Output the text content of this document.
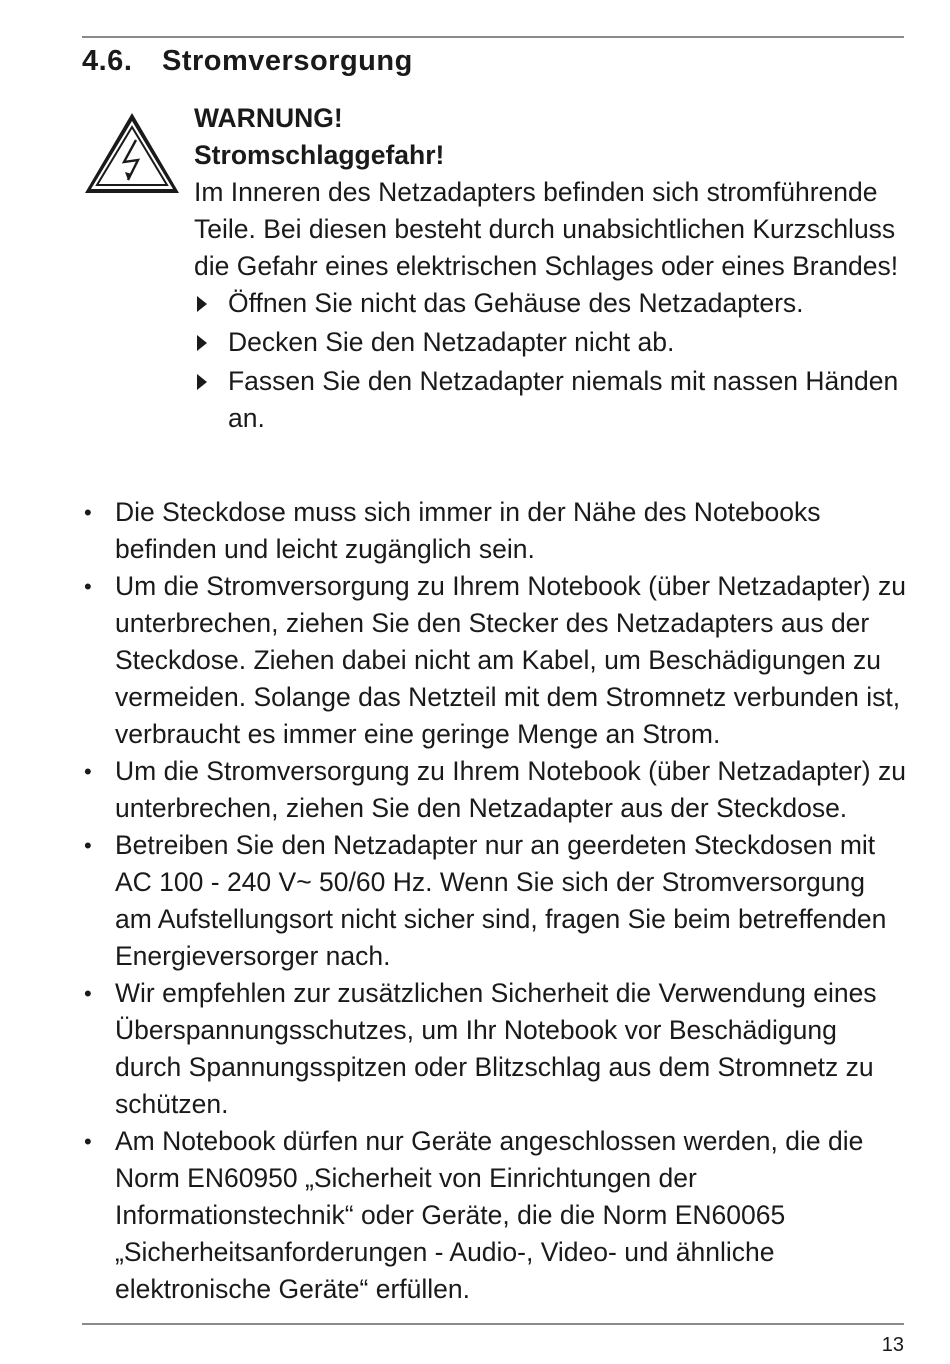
4.6. Stromversorgung

WARNUNG!

Stromschlaggefahr!

Im Inneren des Netzadapters befinden sich stromführende Teile. Bei diesen besteht durch unabsichtlichen Kurzschluss die Gefahr eines elektrischen Schlages oder eines Brandes!

Öffnen Sie nicht das Gehäuse des Netzadapters.
Decken Sie den Netzadapter nicht ab.
Fassen Sie den Netzadapter niemals mit nassen Händen an.
• Die Steckdose muss sich immer in der Nähe des Notebooks befinden und leicht zugänglich sein.
• Um die Stromversorgung zu Ihrem Notebook (über Netzadapter) zu unterbrechen, ziehen Sie den Stecker des Netzadapters aus der Steckdose. Ziehen dabei nicht am Kabel, um Beschädigungen zu vermeiden. Solange das Netzteil mit dem Stromnetz verbunden ist, verbraucht es immer eine geringe Menge an Strom.
• Um die Stromversorgung zu Ihrem Notebook (über Netzadapter) zu unterbrechen, ziehen Sie den Netzadapter aus der Steckdose.
• Betreiben Sie den Netzadapter nur an geerdeten Steckdosen mit AC 100 - 240 V~ 50/60 Hz. Wenn Sie sich der Stromversorgung am Aufstellungsort nicht sicher sind, fragen Sie beim betreffenden Energieversorger nach.
• Wir empfehlen zur zusätzlichen Sicherheit die Verwendung eines Überspannungsschutzes, um Ihr Notebook vor Beschädigung durch Spannungsspitzen oder Blitzschlag aus dem Stromnetz zu schützen.
• Am Notebook dürfen nur Geräte angeschlossen werden, die die Norm EN60950 „Sicherheit von Einrichtungen der Informationstechnik“ oder Geräte, die die Norm EN60065 „Sicherheitsanforderungen - Audio-, Video- und ähnliche elektronische Geräte“ erfüllen.
13
